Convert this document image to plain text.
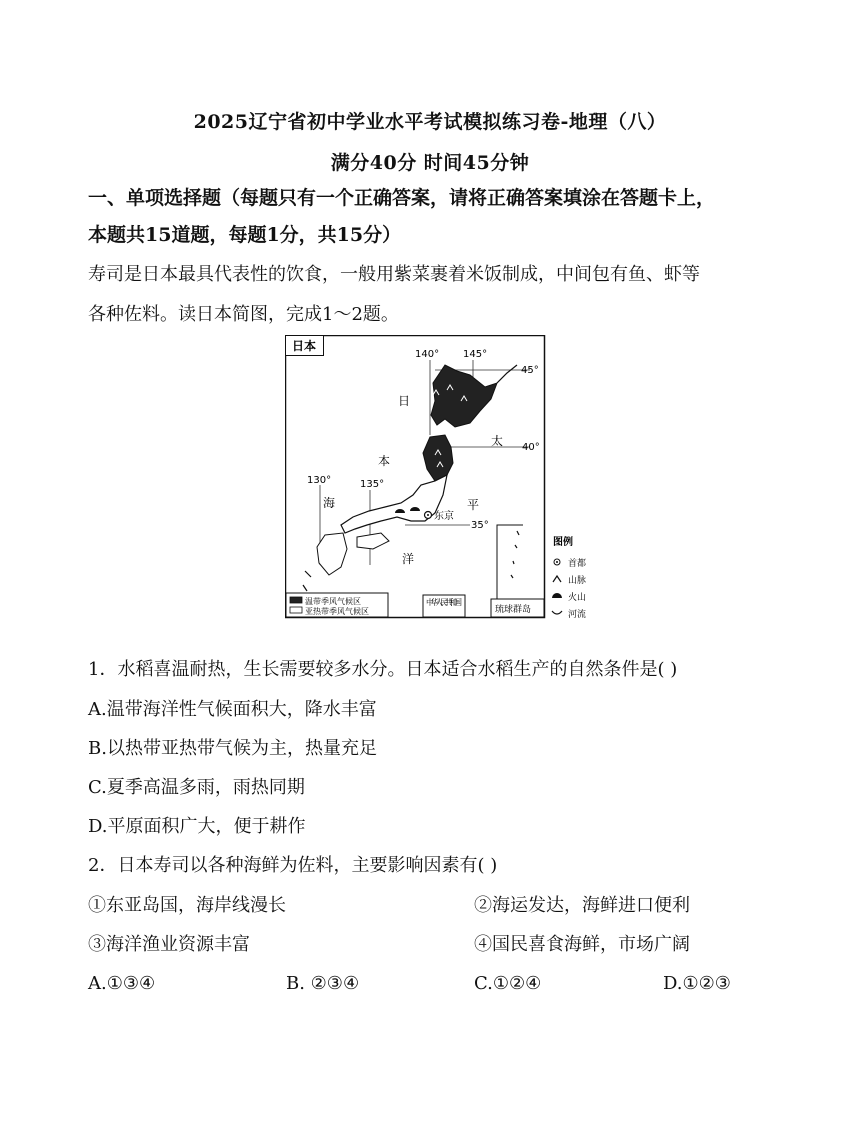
2025辽宁省初中学业水平考试模拟练习卷-地理（八）
满分40分 时间45分钟
一、单项选择题（每题只有一个正确答案，请将正确答案填涂在答题卡上，
本题共15道题，每题1分，共15分）
寿司是日本最具代表性的饮食，一般用紫菜裹着米饭制成，中间包有鱼、虾等
各种佐料。读日本简图，完成1～2题。
日本
140° 145°
130°	135°
45°
40°
35°
东京
日
本
海
太
平
洋
琉球群岛
中华人民共和国
温带季风气候区
亚热带季风气候区
图例
首都
山脉
火山
河流
1．水稻喜温耐热，生长需要较多水分。日本适合水稻生产的自然条件是( )
A.温带海洋性气候面积大，降水丰富
B.以热带亚热带气候为主，热量充足
C.夏季高温多雨，雨热同期
D.平原面积广大，便于耕作
2．日本寿司以各种海鲜为佐料，主要影响因素有( )
①东亚岛国，海岸线漫长	②海运发达，海鲜进口便利
③海洋渔业资源丰富	④国民喜食海鲜，市场广阔
A.①③④	B. ②③④	C.①②④	D.①②③
